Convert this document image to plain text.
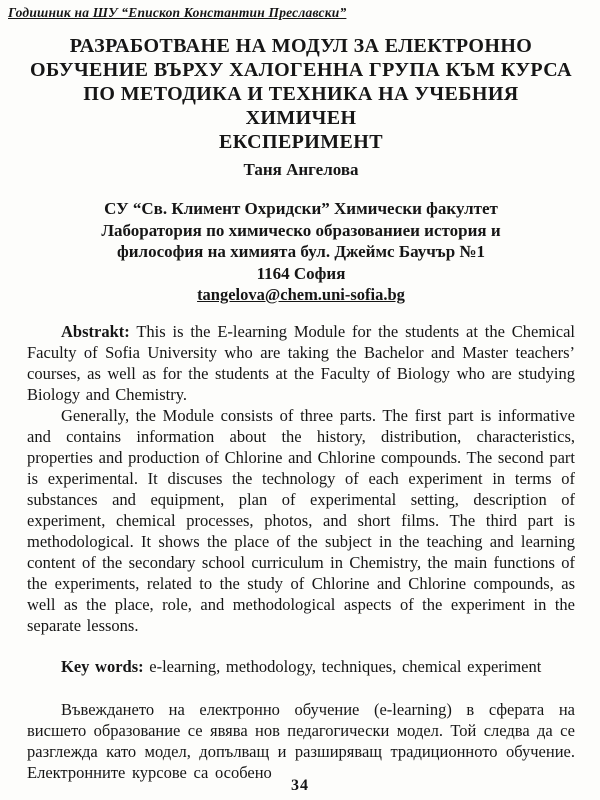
Годишник на ШУ “Епископ Константин Преславски”
РАЗРАБОТВАНЕ НА МОДУЛ ЗА ЕЛЕКТРОННО
ОБУЧЕНИЕ ВЪРХУ ХАЛОГЕННА ГРУПА КЪМ КУРСА
ПО МЕТОДИКА И ТЕХНИКА НА УЧЕБНИЯ ХИМИЧЕН
ЕКСПЕРИМЕНТ
Таня Ангелова
СУ “Св. Климент Охридски” Химически факултет
Лаборатория по химическо образованиеи история и
философия на химията бул. Джеймс Баучър №1
1164 София
tangelova@chem.uni-sofia.bg

Abstrakt: This is the E-learning Module for the students at the Chemical Faculty of Sofia University who are taking the Bachelor and Master teachers’ courses, as well as for the students at the Faculty of Biology who are studying Biology and Chemistry.

Generally, the Module consists of three parts. The first part is informative and contains information about the history, distribution, characteristics, properties and production of Chlorine and Chlorine compounds. The second part is experimental. It discuses the technology of each experiment in terms of substances and equipment, plan of experimental setting, description of experiment, chemical processes, photos, and short films. The third part is methodological. It shows the place of the subject in the teaching and learning content of the secondary school curriculum in Chemistry, the main functions of the experiments, related to the study of Chlorine and Chlorine compounds, as well as the place, role, and methodological aspects of the experiment in the separate lessons.

Key words: e-learning, methodology, techniques, chemical experiment

Въвеждането на електронно обучение (e-learning) в сферата на висшето образование се явява нов педагогически модел. Той следва да се разглежда като модел, допълващ и разширяващ традиционното обучение. Електронните курсове са особено

34
